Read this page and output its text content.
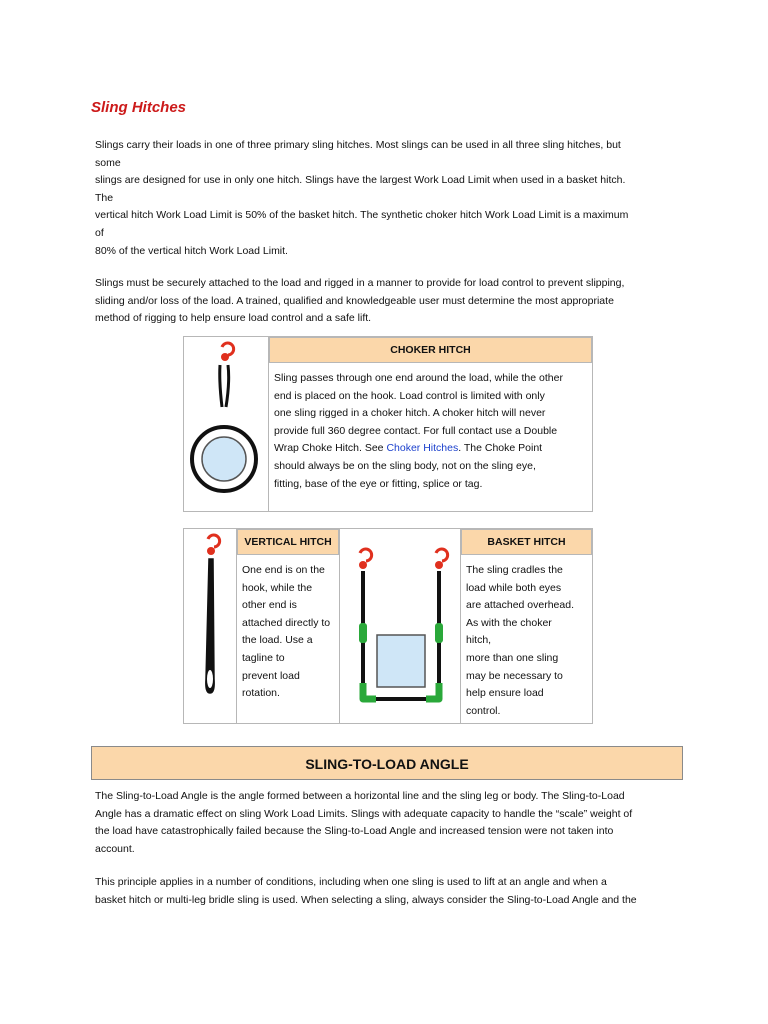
Sling Hitches
Slings carry their loads in one of three primary sling hitches. Most slings can be used in all three sling hitches, but
some
slings are designed for use in only one hitch. Slings have the largest Work Load Limit when used in a basket hitch.
The
vertical hitch Work Load Limit is 50% of the basket hitch. The synthetic choker hitch Work Load Limit is a maximum
of
80% of the vertical hitch Work Load Limit.
Slings must be securely attached to the load and rigged in a manner to provide for load control to prevent slipping,
sliding and/or loss of the load. A trained, qualified and knowledgeable user must determine the most appropriate
method of rigging to help ensure load control and a safe lift.
CHOKER HITCH
Sling passes through one end around the load, while the other
end is placed on the hook. Load control is limited with only
one sling rigged in a choker hitch. A choker hitch will never
provide full 360 degree contact. For full contact use a Double
Wrap Choke Hitch. See Choker Hitches. The Choke Point
should always be on the sling body, not on the sling eye,
fitting, base of the eye or fitting, splice or tag.
VERTICAL HITCH
One end is on the
hook, while the
other end is
attached directly to
the load. Use a
tagline to
prevent load
rotation.
BASKET HITCH
The sling cradles the
load while both eyes
are attached overhead.
As with the choker
hitch,
more than one sling
may be necessary to
help ensure load
control.
SLING-TO-LOAD ANGLE
The Sling-to-Load Angle is the angle formed between a horizontal line and the sling leg or body. The Sling-to-Load
Angle has a dramatic effect on sling Work Load Limits. Slings with adequate capacity to handle the “scale” weight of
the load have catastrophically failed because the Sling-to-Load Angle and increased tension were not taken into
account.
This principle applies in a number of conditions, including when one sling is used to lift at an angle and when a
basket hitch or multi-leg bridle sling is used. When selecting a sling, always consider the Sling-to-Load Angle and the
